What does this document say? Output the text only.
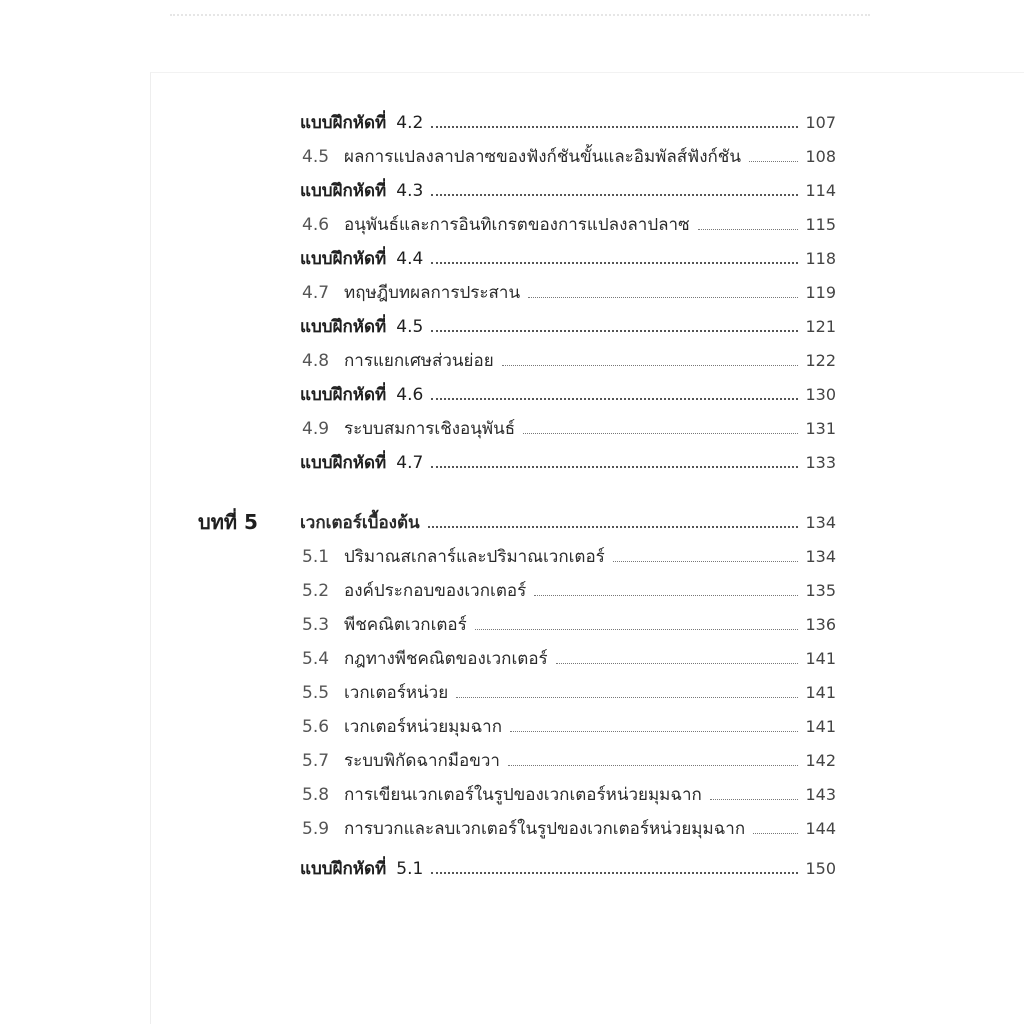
แบบฝึกหัดที่ 4.2	107
4.5 ผลการแปลงลาปลาซของฟังก์ชันขั้นและอิมพัลส์ฟังก์ชัน	108
แบบฝึกหัดที่ 4.3	114
4.6 อนุพันธ์และการอินทิเกรตของการแปลงลาปลาซ	115
แบบฝึกหัดที่ 4.4	118
4.7 ทฤษฎีบทผลการประสาน	119
แบบฝึกหัดที่ 4.5	121
4.8 การแยกเศษส่วนย่อย	122
แบบฝึกหัดที่ 4.6	130
4.9 ระบบสมการเชิงอนุพันธ์	131
แบบฝึกหัดที่ 4.7	133
บทที่ 5	เวกเตอร์เบื้องต้น	134
5.1 ปริมาณสเกลาร์และปริมาณเวกเตอร์	134
5.2 องค์ประกอบของเวกเตอร์	135
5.3 พีชคณิตเวกเตอร์	136
5.4 กฎทางพีชคณิตของเวกเตอร์	141
5.5 เวกเตอร์หน่วย	141
5.6 เวกเตอร์หน่วยมุมฉาก	141
5.7 ระบบพิกัดฉากมือขวา	142
5.8 การเขียนเวกเตอร์ในรูปของเวกเตอร์หน่วยมุมฉาก	143
5.9 การบวกและลบเวกเตอร์ในรูปของเวกเตอร์หน่วยมุมฉาก	144
แบบฝึกหัดที่ 5.1	150
